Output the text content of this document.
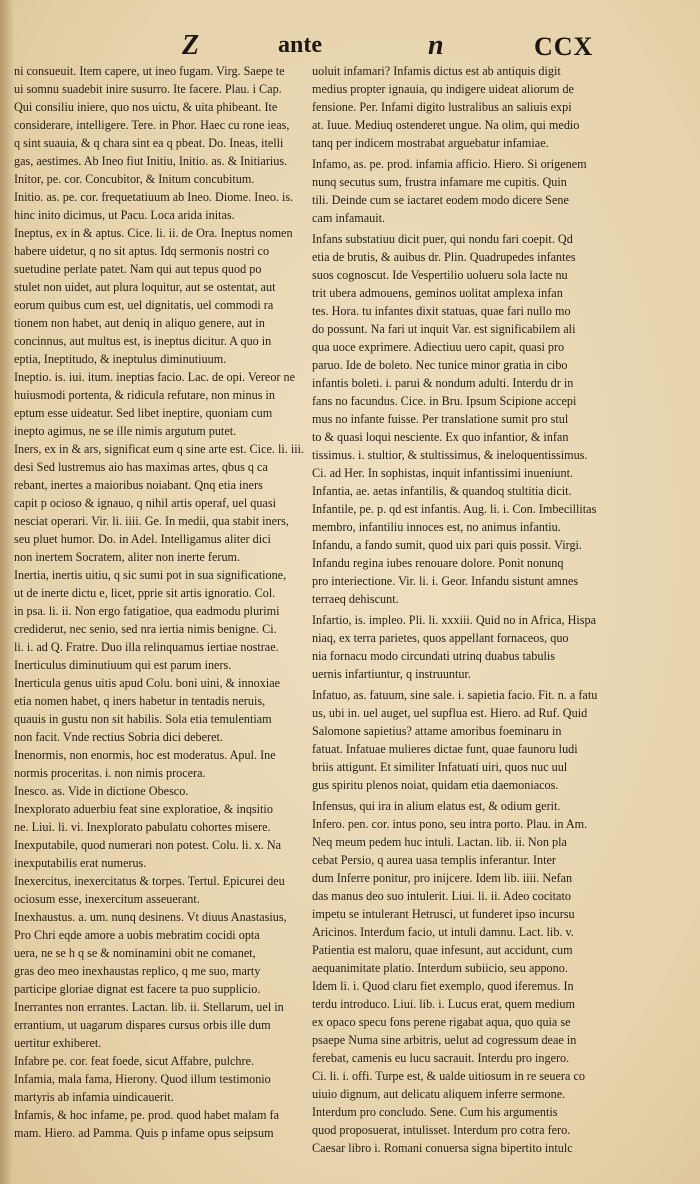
Z	ante	n	CCX
ni consueuit. Item capere, ut ineo fugam. Virg. Saepe te
ui somnu suadebit inire susurro. Ite facere. Plau. i Cap.
Qui consiliu iniere, quo nos uictu, & uita phibeant. Ite
considerare, intelligere. Tere. in Phor. Haec cu rone ieas,
q sint suauia, & q chara sint ea q pbeat. Do. Ineas, itelli
gas, aestimes. Ab Ineo fiut Initiu, Initio. as. & Initiarius.
Initor, pe. cor. Concubitor, & Initum concubitum.
Initio. as. pe. cor. frequetatiuum ab Ineo. Diome. Ineo. is.
hinc inito dicimus, ut Pacu. Loca arida initas.
Ineptus, ex in & aptus. Cice. li. ii. de Ora. Ineptus nomen
habere uidetur, q no sit aptus. Idq sermonis nostri co
suetudine perlate patet. Nam qui aut tepus quod po
stulet non uidet, aut plura loquitur, aut se ostentat, aut
eorum quibus cum est, uel dignitatis, uel commodi ra
tionem non habet, aut deniq in aliquo genere, aut in
concinnus, aut multus est, is ineptus dicitur. A quo in
eptia, Ineptitudo, & ineptulus diminutiuum.
Ineptio. is. iui. itum. ineptias facio. Lac. de opi. Vereor ne
huiusmodi portenta, & ridicula refutare, non minus in
eptum esse uideatur. Sed libet ineptire, quoniam cum
inepto agimus, ne se ille nimis argutum putet.
Iners, ex in & ars, significat eum q sine arte est. Cice. li. iii.
desi Sed lustremus aio has maximas artes, qbus q ca
rebant, inertes a maioribus noiabant. Qnq etia iners
capit p ocioso & ignauo, q nihil artis operaf, uel quasi
nesciat operari. Vir. li. iiii. Ge. In medii, qua stabit iners,
seu pluet humor. Do. in Adel. Intelligamus aliter dici
non inertem Socratem, aliter non inerte ferum.
Inertia, inertis uitiu, q sic sumi pot in sua significatione,
ut de inerte dictu e, licet, pprie sit artis ignoratio. Col.
in psa. li. ii. Non ergo fatigatioe, qua eadmodu plurimi
crediderut, nec senio, sed nra iertia nimis benigne. Ci.
li. i. ad Q. Fratre. Duo illa relinquamus iertiae nostrae.
Inerticulus diminutiuum qui est parum iners.
Inerticula genus uitis apud Colu. boni uini, & innoxiae
etia nomen habet, q iners habetur in tentadis neruis,
quauis in gustu non sit habilis. Sola etia temulentiam
non facit. Vnde rectius Sobria dici deberet.
Inenormis, non enormis, hoc est moderatus. Apul. Ine
normis proceritas. i. non nimis procera.
Inesco. as. Vide in dictione Obesco.
Inexplorato aduerbiu feat sine exploratioe, & inqsitio
ne. Liui. li. vi. Inexplorato pabulatu cohortes misere.
Inexputabile, quod numerari non potest. Colu. li. x. Na
inexputabilis erat numerus.
Inexercitus, inexercitatus & torpes. Tertul. Epicurei deu
ociosum esse, inexercitum asseuerant.
Inexhaustus. a. um. nunq desinens. Vt diuus Anastasius,
Pro Chri eqde amore a uobis mebratim cocidi opta
uera, ne se h q se & nominamini obit ne comanet,
gras deo meo inexhaustas replico, q me suo, marty
participe gloriae dignat est facere ta puo supplicio.
Inerrantes non errantes. Lactan. lib. ii. Stellarum, uel in
errantium, ut uagarum dispares cursus orbis ille dum
uertitur exhiberet.
Infabre pe. cor. feat foede, sicut Affabre, pulchre.
Infamia, mala fama, Hierony. Quod illum testimonio
martyris ab infamia uindicauerit.
Infamis, & hoc infame, pe. prod. quod habet malam fa
mam. Hiero. ad Pamma. Quis p infame opus seipsum
uoluit infamari? Infamis dictus est ab antiquis digit
medius propter ignauia, qu indigere uideat aliorum de
fensione. Per. Infami digito lustralibus an saliuis expi
at. Iuue. Mediuq ostenderet ungue. Na olim, qui medio
tanq per indicem mostrabat arguebatur infamiae.
Infamo, as. pe. prod. infamia afficio. Hiero. Si origenem
nunq secutus sum, frustra infamare me cupitis. Quin
tili. Deinde cum se iactaret eodem modo dicere Sene
cam infamauit.
Infans substatiuu dicit puer, qui nondu fari coepit. Qd
etia de brutis, & auibus dr. Plin. Quadrupedes infantes
suos cognoscut. Ide Vespertilio uolueru sola lacte nu
trit ubera admouens, geminos uolitat amplexa infan
tes. Hora. tu infantes dixit statuas, quae fari nullo mo
do possunt. Na fari ut inquit Var. est significabilem ali
qua uoce exprimere. Adiectiuu uero capit, quasi pro
paruo. Ide de boleto. Nec tunice minor gratia in cibo
infantis boleti. i. parui & nondum adulti. Interdu dr in
fans no facundus. Cice. in Bru. Ipsum Scipione accepi
mus no infante fuisse. Per translatione sumit pro stul
to & quasi loqui nesciente. Ex quo infantior, & infan
tissimus. i. stultior, & stultissimus, & ineloquentissimus.
Ci. ad Her. In sophistas, inquit infantissimi inueniunt.
Infantia, ae. aetas infantilis, & quandoq stultitia dicit.
Infantile, pe. p. qd est infantis. Aug. li. i. Con. Imbecillitas
membro, infantiliu innoces est, no animus infantiu.
Infandu, a fando sumit, quod uix pari quis possit. Virgi.
Infandu regina iubes renouare dolore. Ponit nonunq
pro interiectione. Vir. li. i. Geor. Infandu sistunt amnes
terraeq dehiscunt.
Infartio, is. impleo. Pli. li. xxxiii. Quid no in Africa, Hispa
niaq, ex terra parietes, quos appellant fornaceos, quo
nia fornacu modo circundati utrinq duabus tabulis
uernis infartiuntur, q instruuntur.
Infatuo, as. fatuum, sine sale. i. sapietia facio. Fit. n. a fatu
us, ubi in. uel auget, uel supflua est. Hiero. ad Ruf. Quid
Salomone sapietius? attame amoribus foeminaru in
fatuat. Infatuae mulieres dictae funt, quae faunoru ludi
briis attigunt. Et similiter Infatuati uiri, quos nuc uul
gus spiritu plenos noiat, quidam etia daemoniacos.
Infensus, qui ira in alium elatus est, & odium gerit.
Infero. pen. cor. intus pono, seu intra porto. Plau. in Am.
Neq meum pedem huc intuli. Lactan. lib. ii. Non pla
cebat Persio, q aurea uasa templis inferantur. Inter
dum Inferre ponitur, pro inijcere. Idem lib. iiii. Nefan
das manus deo suo intulerit. Liui. li. ii. Adeo cocitato
impetu se intulerant Hetrusci, ut funderet ipso incursu
Aricinos. Interdum facio, ut intuli damnu. Lact. lib. v.
Patientia est maloru, quae infesunt, aut accidunt, cum
aequanimitate platio. Interdum subiicio, seu appono.
Idem li. i. Quod claru fiet exemplo, quod iferemus. In
terdu introduco. Liui. lib. i. Lucus erat, quem medium
ex opaco specu fons perene rigabat aqua, quo quia se
psaepe Numa sine arbitris, uelut ad cogressum deae in
ferebat, camenis eu lucu sacrauit. Interdu pro ingero.
Ci. li. i. offi. Turpe est, & ualde uitiosum in re seuera co
uiuio dignum, aut delicatu aliquem inferre sermone.
Interdum pro concludo. Sene. Cum his argumentis
quod proposuerat, intulisset. Interdum pro cotra fero.
Caesar libro i. Romani conuersa signa bipertito intulc
